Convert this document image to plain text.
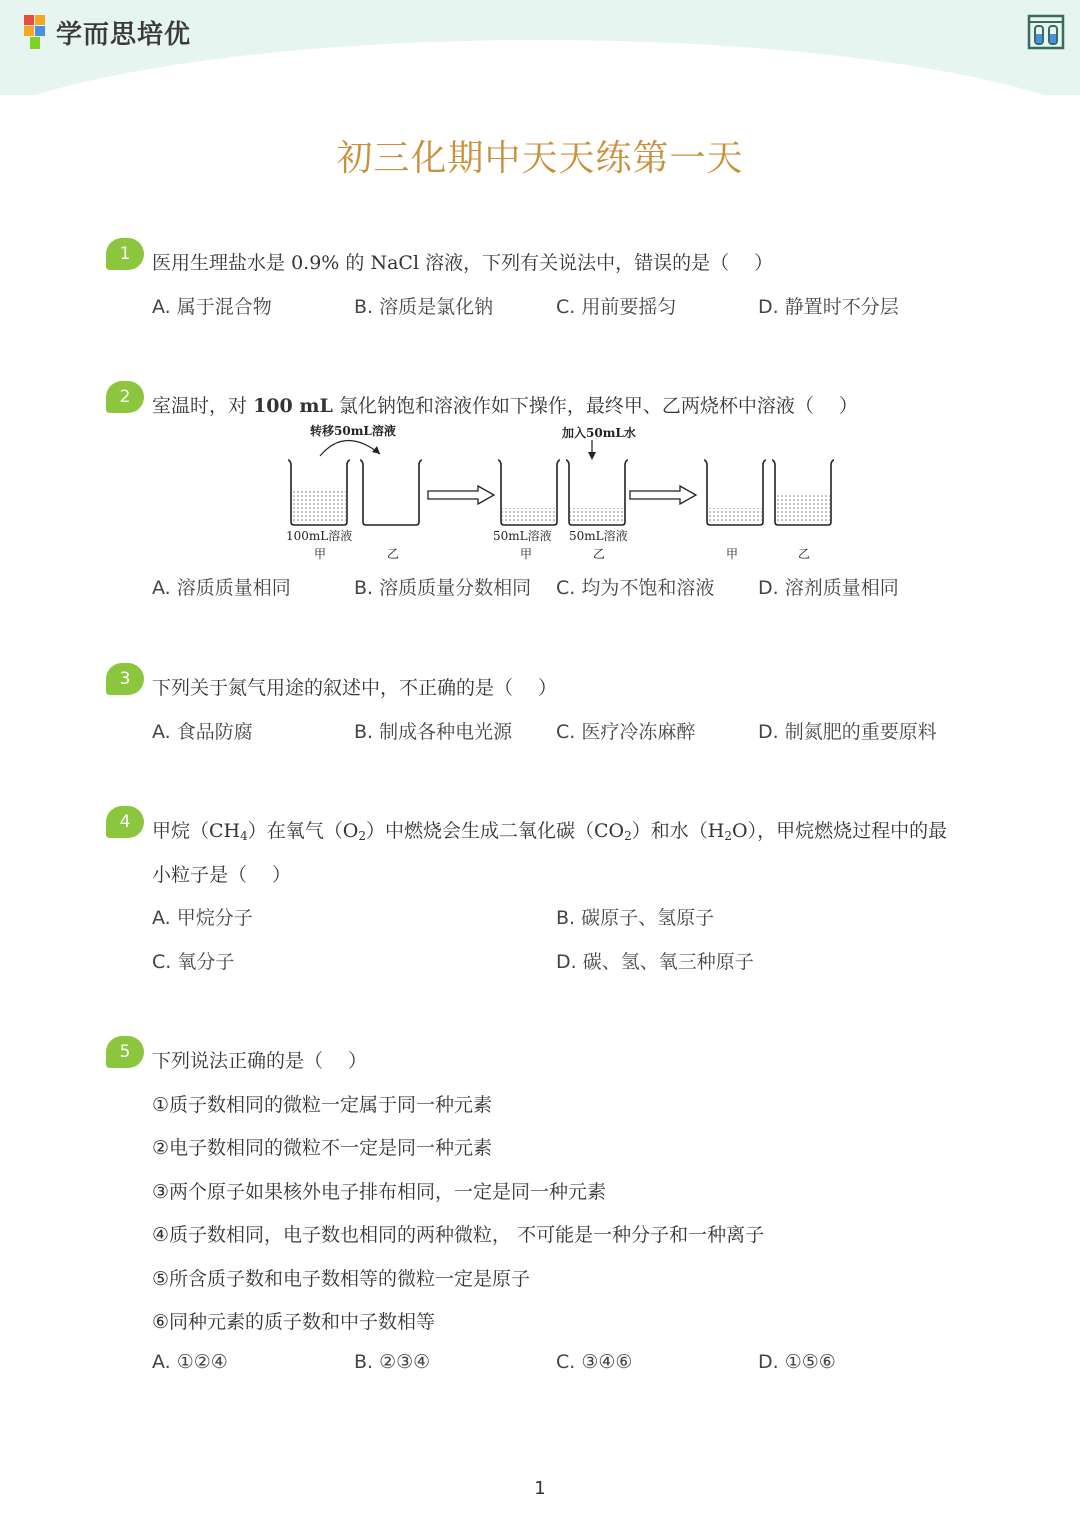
学而思培优
初三化期中天天练第一天
1	医用生理盐水是 0.9% 的 NaCl 溶液，下列有关说法中，错误的是（　 ）
A. 属于混合物	B. 溶质是氯化钠	C. 用前要摇匀	D. 静置时不分层
2	室温时，对 100 mL 氯化钠饱和溶液作如下操作，最终甲、乙两烧杯中溶液（　 ）
转移50mL溶液	加入50mL水
100mL溶液
甲	乙
50mL溶液
甲
50mL溶液
乙	甲	乙
A. 溶质质量相同	B. 溶质质量分数相同 C. 均为不饱和溶液 D. 溶剂质量相同
3	下列关于氮气用途的叙述中，不正确的是（　 ）
A. 食品防腐	B. 制成各种电光源 C. 医疗冷冻麻醉	D. 制氮肥的重要原料
4	甲烷$(CH_4)$在氧气$(O_2)$中燃烧会生成二氧化碳$(CO_2)$和水$(H_2O)$，甲烷燃烧过程中的最
小粒子是（　 ）
A. 甲烷分子	B. 碳原子、氢原子
C. 氧分子	D. 碳、氢、氧三种原子
5	下列说法正确的是（　 ）
①质子数相同的微粒一定属于同一种元素
②电子数相同的微粒不一定是同一种元素
③两个原子如果核外电子排布相同，一定是同一种元素
④质子数相同，电子数也相同的两种微粒， 不可能是一种分子和一种离子
⑤所含质子数和电子数相等的微粒一定是原子
⑥同种元素的质子数和中子数相等
A. ①②④	B. ②③④	C. ③④⑥	D. ①⑤⑥
1
